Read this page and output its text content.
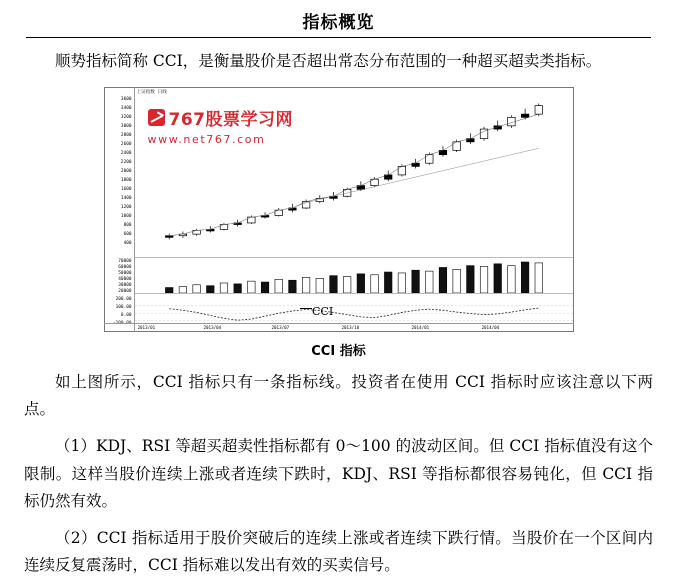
指标概览
顺势指标简称 CCI，是衡量股价是否超出常态分布范围的一种超买超卖类指标。
上证指数 日线
3600
3400
3200
3000
2800
2600
2400
2200
2000
1800
1600
1400
1200
1000
800
600
400
70000
60000
50000
40000
30000
20000
200.00
100.00
0.00
-100.00
2013/01	2013/04	2013/07	2013/10	2014/01	2014/04
767股票学习网
www.net767.com
CCI
CCI 指标
如上图所示，CCI 指标只有一条指标线。投资者在使用 CCI 指标时应该注意以下两点。
（1）KDJ、RSI 等超买超卖性指标都有 0～100 的波动区间。但 CCI 指标值没有这个限制。这样当股价连续上涨或者连续下跌时，KDJ、RSI 等指标都很容易钝化，但 CCI 指标仍然有效。
（2）CCI 指标适用于股价突破后的连续上涨或者连续下跌行情。当股价在一个区间内连续反复震荡时，CCI 指标难以发出有效的买卖信号。
